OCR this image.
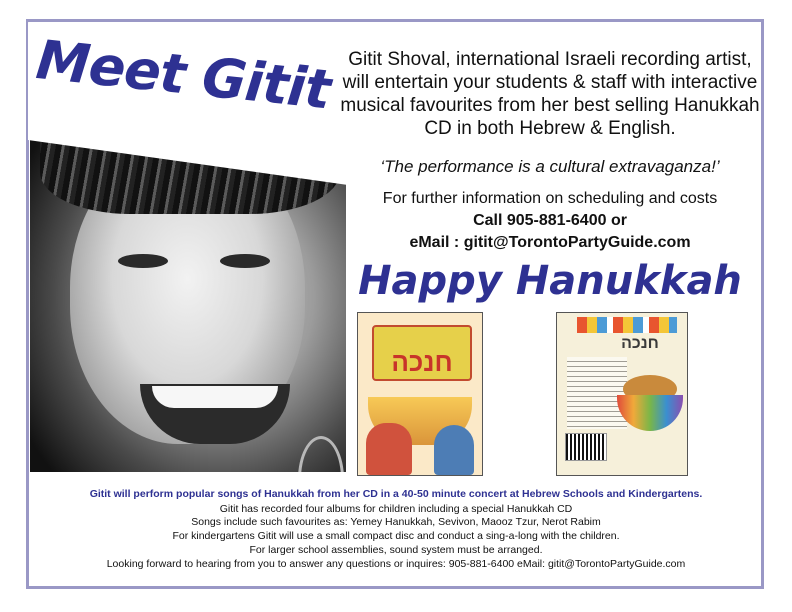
Meet Gitit Gitit Shoval, international Israeli recording artist, will entertain your students & staff with interactive musical favourites from her best selling Hanukkah CD in both Hebrew & English.
‘The performance is a cultural extravaganza!’
For further information on scheduling and costs
Call 905-881-6400 or
eMail : gitit@TorontoPartyGuide.com
Happy Hanukkah
חנכה
חנכה
Gitit will perform popular songs of Hanukkah from her CD in a 40-50 minute concert at Hebrew Schools and Kindergartens.
Gitit has recorded four albums for children including a special Hanukkah CD
Songs include such favourites as: Yemey Hanukkah, Sevivon, Maooz Tzur, Nerot Rabim
For kindergartens Gitit will use a small compact disc and conduct a sing-a-long with the children.
For larger school assemblies, sound system must be arranged.
Looking forward to hearing from you to answer any questions or inquires: 905-881-6400 eMail: gitit@TorontoPartyGuide.com
